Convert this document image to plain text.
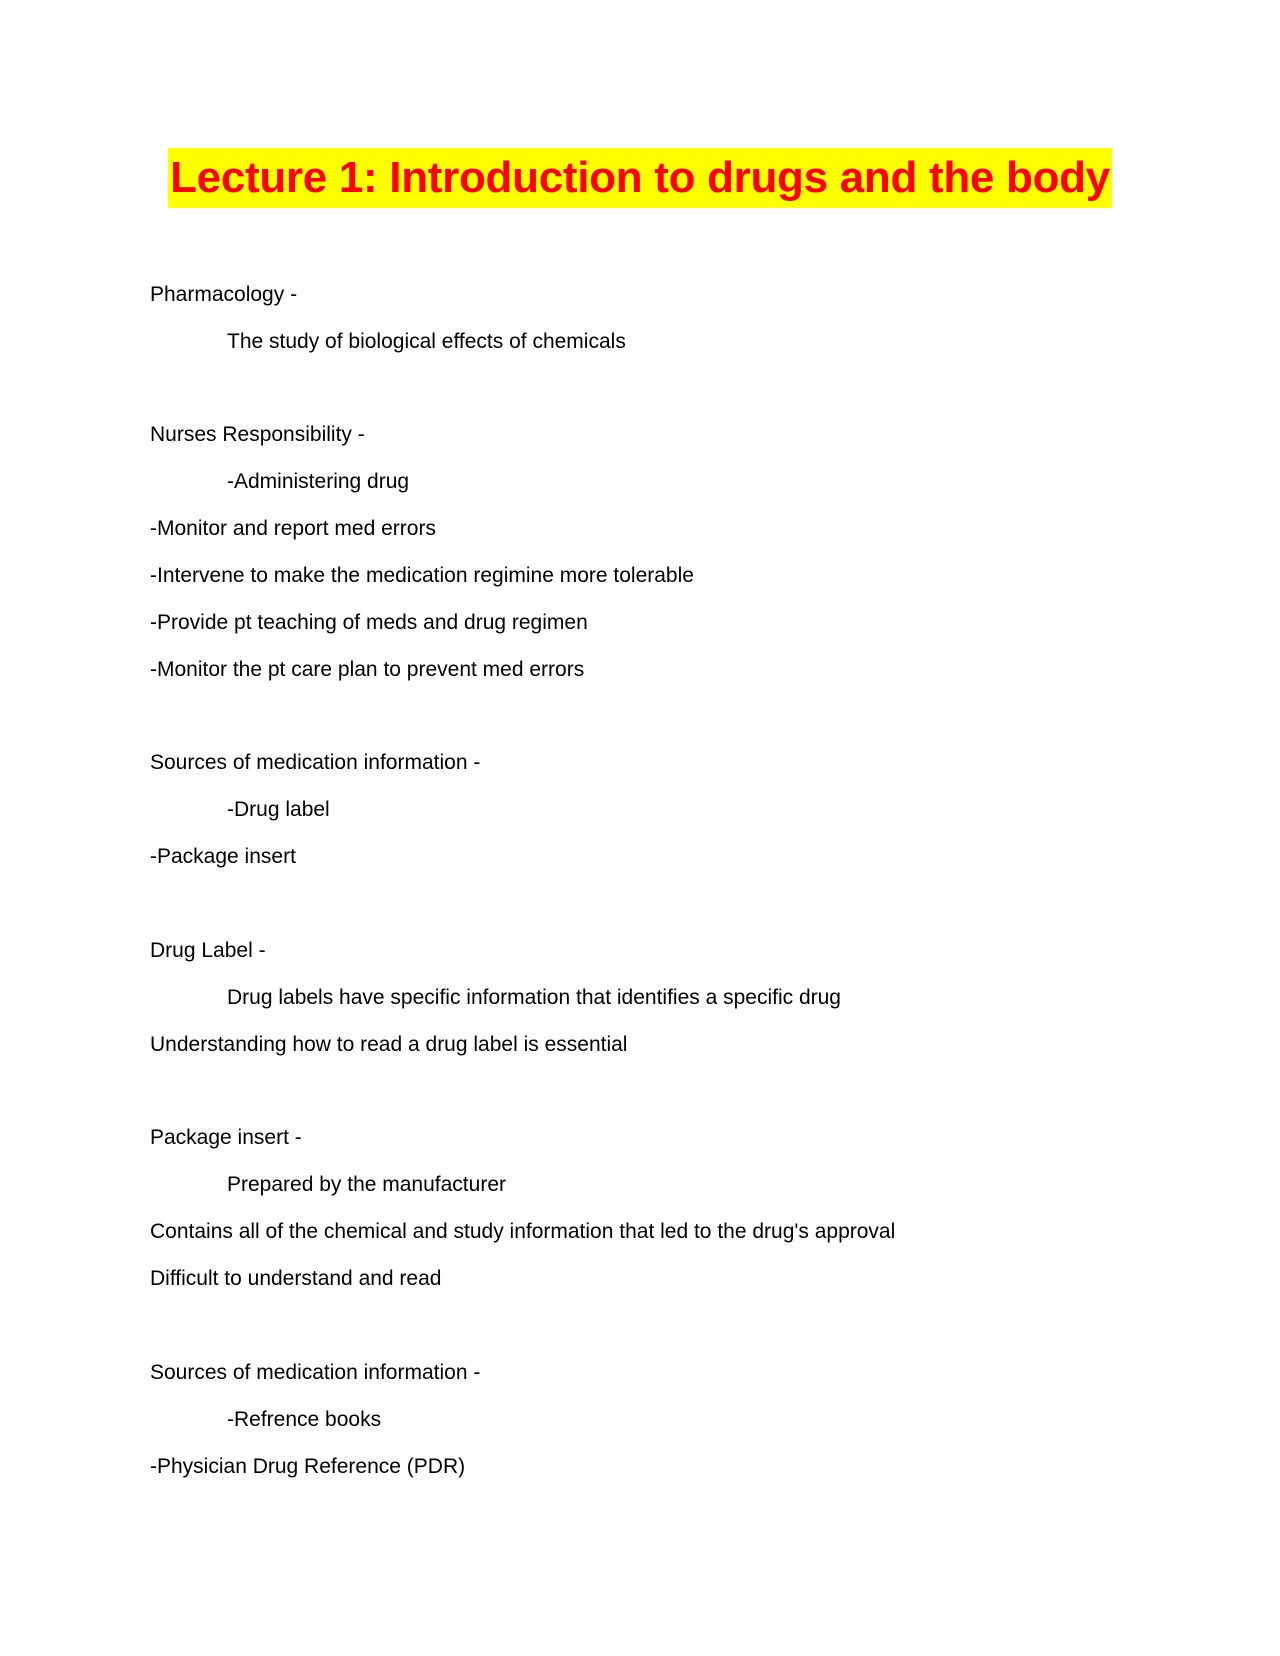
Lecture 1: Introduction to drugs and the body
Pharmacology -
The study of biological effects of chemicals
Nurses Responsibility -
-Administering drug
-Monitor and report med errors
-Intervene to make the medication regimine more tolerable
-Provide pt teaching of meds and drug regimen
-Monitor the pt care plan to prevent med errors
Sources of medication information -
-Drug label
-Package insert
Drug Label -
Drug labels have specific information that identifies a specific drug
Understanding how to read a drug label is essential
Package insert -
Prepared by the manufacturer
Contains all of the chemical and study information that led to the drug's approval
Difficult to understand and read
Sources of medication information -
-Refrence books
-Physician Drug Reference (PDR)
